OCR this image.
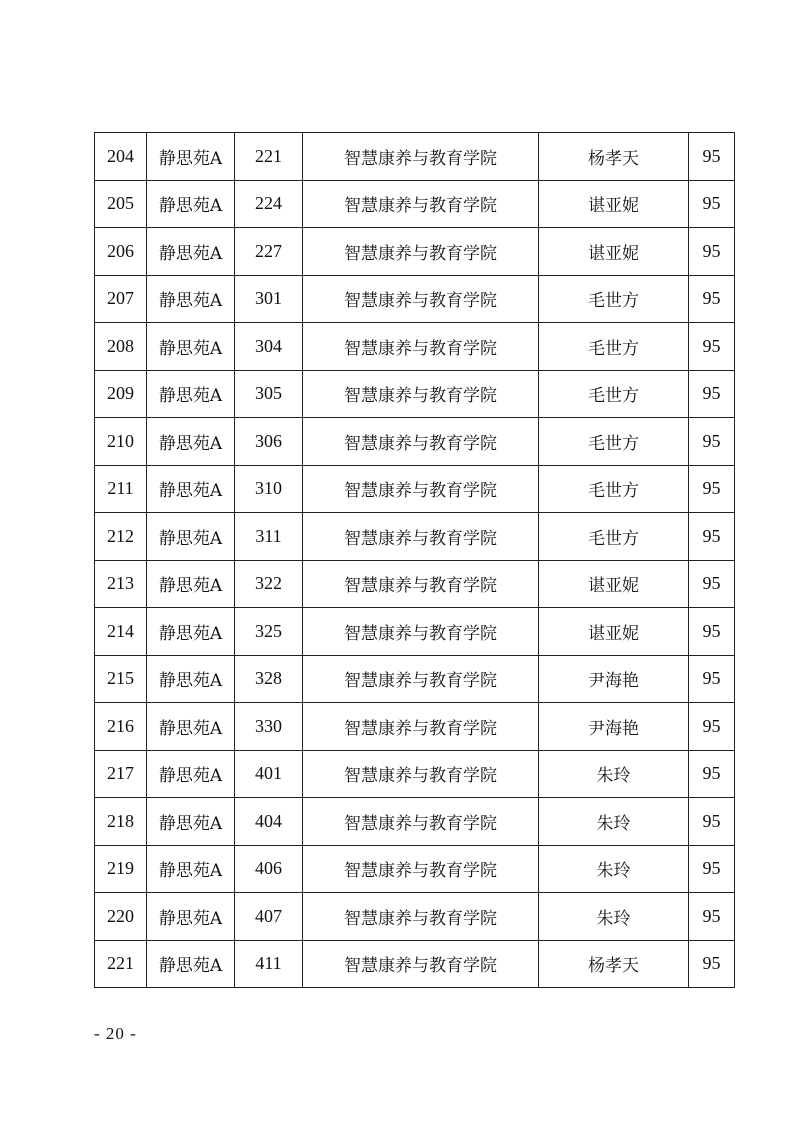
204	静思苑A	221	智慧康养与教育学院	杨孝天	95
205	静思苑A	224	智慧康养与教育学院	谌亚妮	95
206	静思苑A	227	智慧康养与教育学院	谌亚妮	95
207	静思苑A	301	智慧康养与教育学院	毛世方	95
208	静思苑A	304	智慧康养与教育学院	毛世方	95
209	静思苑A	305	智慧康养与教育学院	毛世方	95
210	静思苑A	306	智慧康养与教育学院	毛世方	95
211	静思苑A	310	智慧康养与教育学院	毛世方	95
212	静思苑A	311	智慧康养与教育学院	毛世方	95
213	静思苑A	322	智慧康养与教育学院	谌亚妮	95
214	静思苑A	325	智慧康养与教育学院	谌亚妮	95
215	静思苑A	328	智慧康养与教育学院	尹海艳	95
216	静思苑A	330	智慧康养与教育学院	尹海艳	95
217	静思苑A	401	智慧康养与教育学院	朱玲	95
218	静思苑A	404	智慧康养与教育学院	朱玲	95
219	静思苑A	406	智慧康养与教育学院	朱玲	95
220	静思苑A	407	智慧康养与教育学院	朱玲	95
221	静思苑A	411	智慧康养与教育学院	杨孝天	95
- 20 -
